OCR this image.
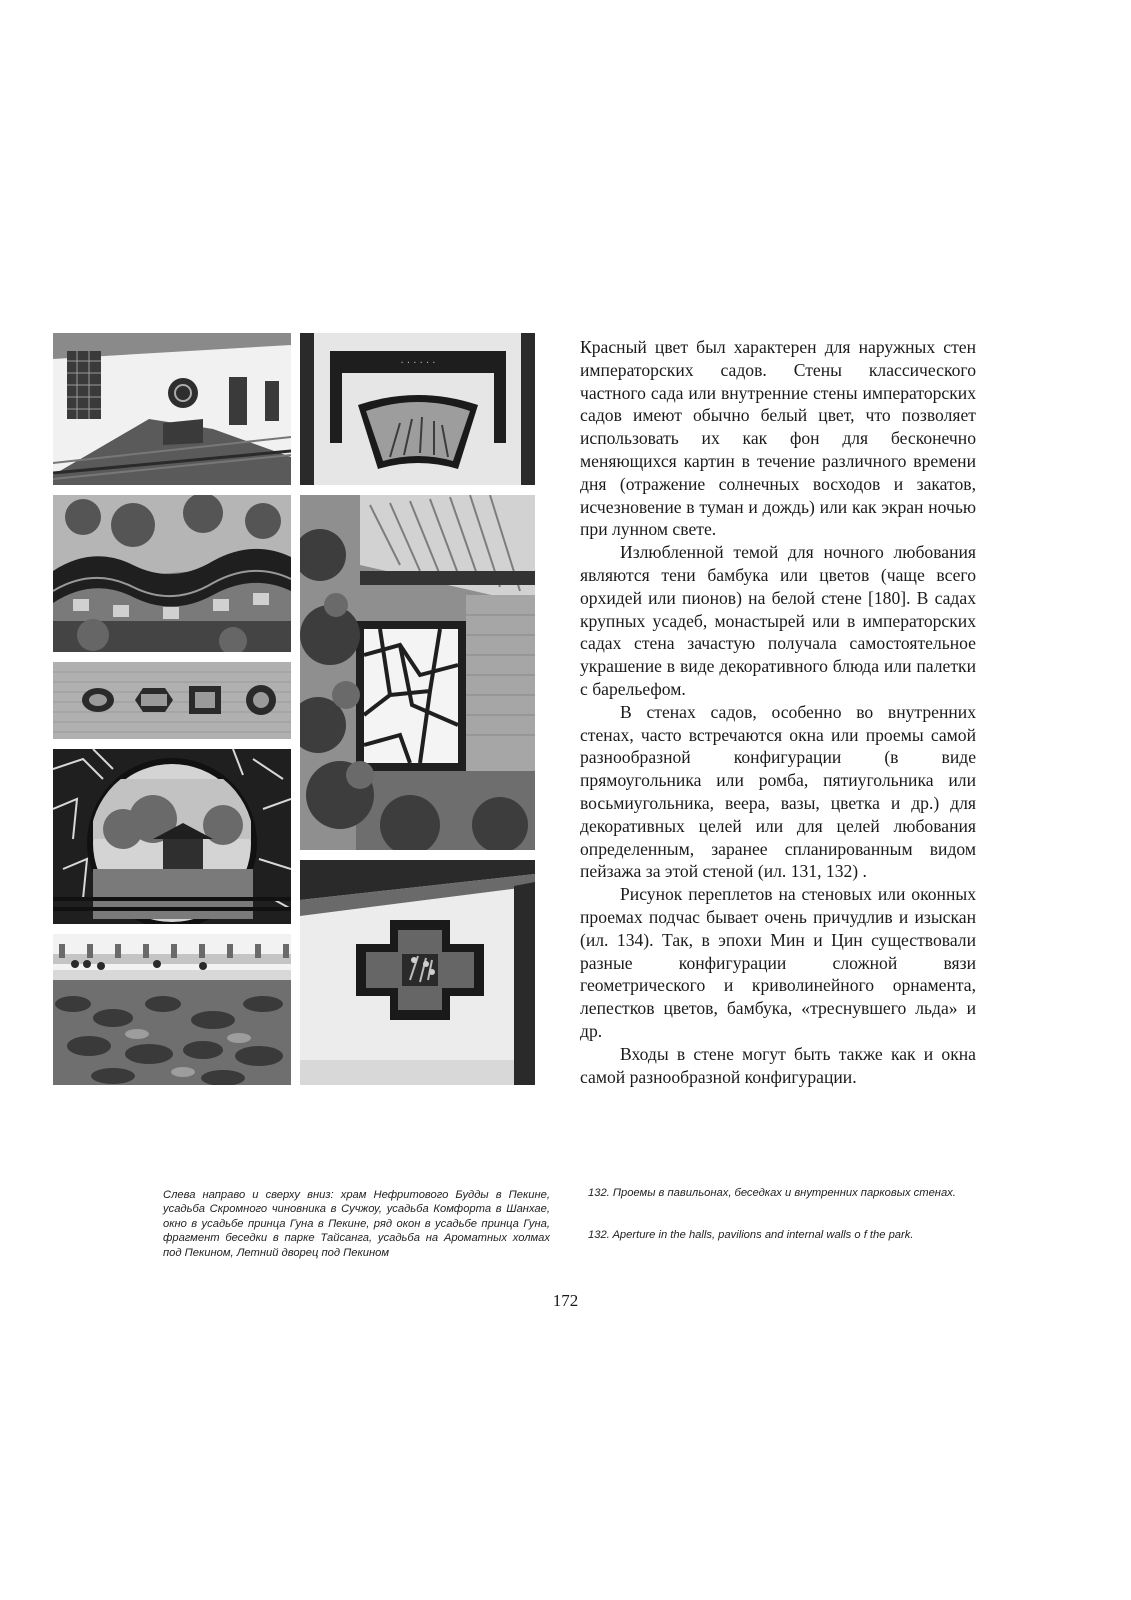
· · · · · ·

Красный цвет был характерен для наружных стен императорских садов. Стены классического частного сада или внутренние стены императорских садов имеют обычно белый цвет, что позволяет использовать их как фон для бесконечно меняющихся картин в течение различного времени дня (отражение солнечных восходов и закатов, исчезновение в туман и дождь) или как экран ночью при лунном свете.

Излюбленной темой для ночного любования являются тени бамбука или цветов (чаще всего орхидей или пионов) на белой стене [180]. В садах крупных усадеб, монастырей или в императорских садах стена зачастую получала самостоятельное украшение в виде декоративного блюда или палетки с барельефом.

В стенах садов, особенно во внутренних стенах, часто встречаются окна или проемы самой разнообразной конфигурации (в виде прямоугольника или ромба, пятиугольника или восьмиугольника, веера, вазы, цветка и др.) для декоративных целей или для целей любования определенным, заранее спланированным видом пейзажа за этой стеной (ил. 131, 132) .

Рисунок переплетов на стеновых или оконных проемах подчас бывает очень причудлив и изыскан (ил. 134). Так, в эпохи Мин и Цин существовали разные конфигурации сложной вязи геометрического и криволинейного орнамента, лепестков цветов, бамбука, «треснувшего льда» и др.

Входы в стене могут быть также как и окна самой разнообразной конфигурации.

Слева направо и сверху вниз: храм Нефритового Будды в Пекине, усадьба Скромного чиновника в Сучжоу, усадьба Комфорта в Шанхае, окно в усадьбе принца Гуна в Пекине, ряд окон в усадьбе принца Гуна, фрагмент беседки в парке Тайсанга, усадьба на Ароматных холмах под Пекином, Летний дворец под Пекином
132. Проемы в павильонах, беседках и внутренних парковых стенах.
132. Aperture in the halls, pavilions and internal walls o f the park.
172
